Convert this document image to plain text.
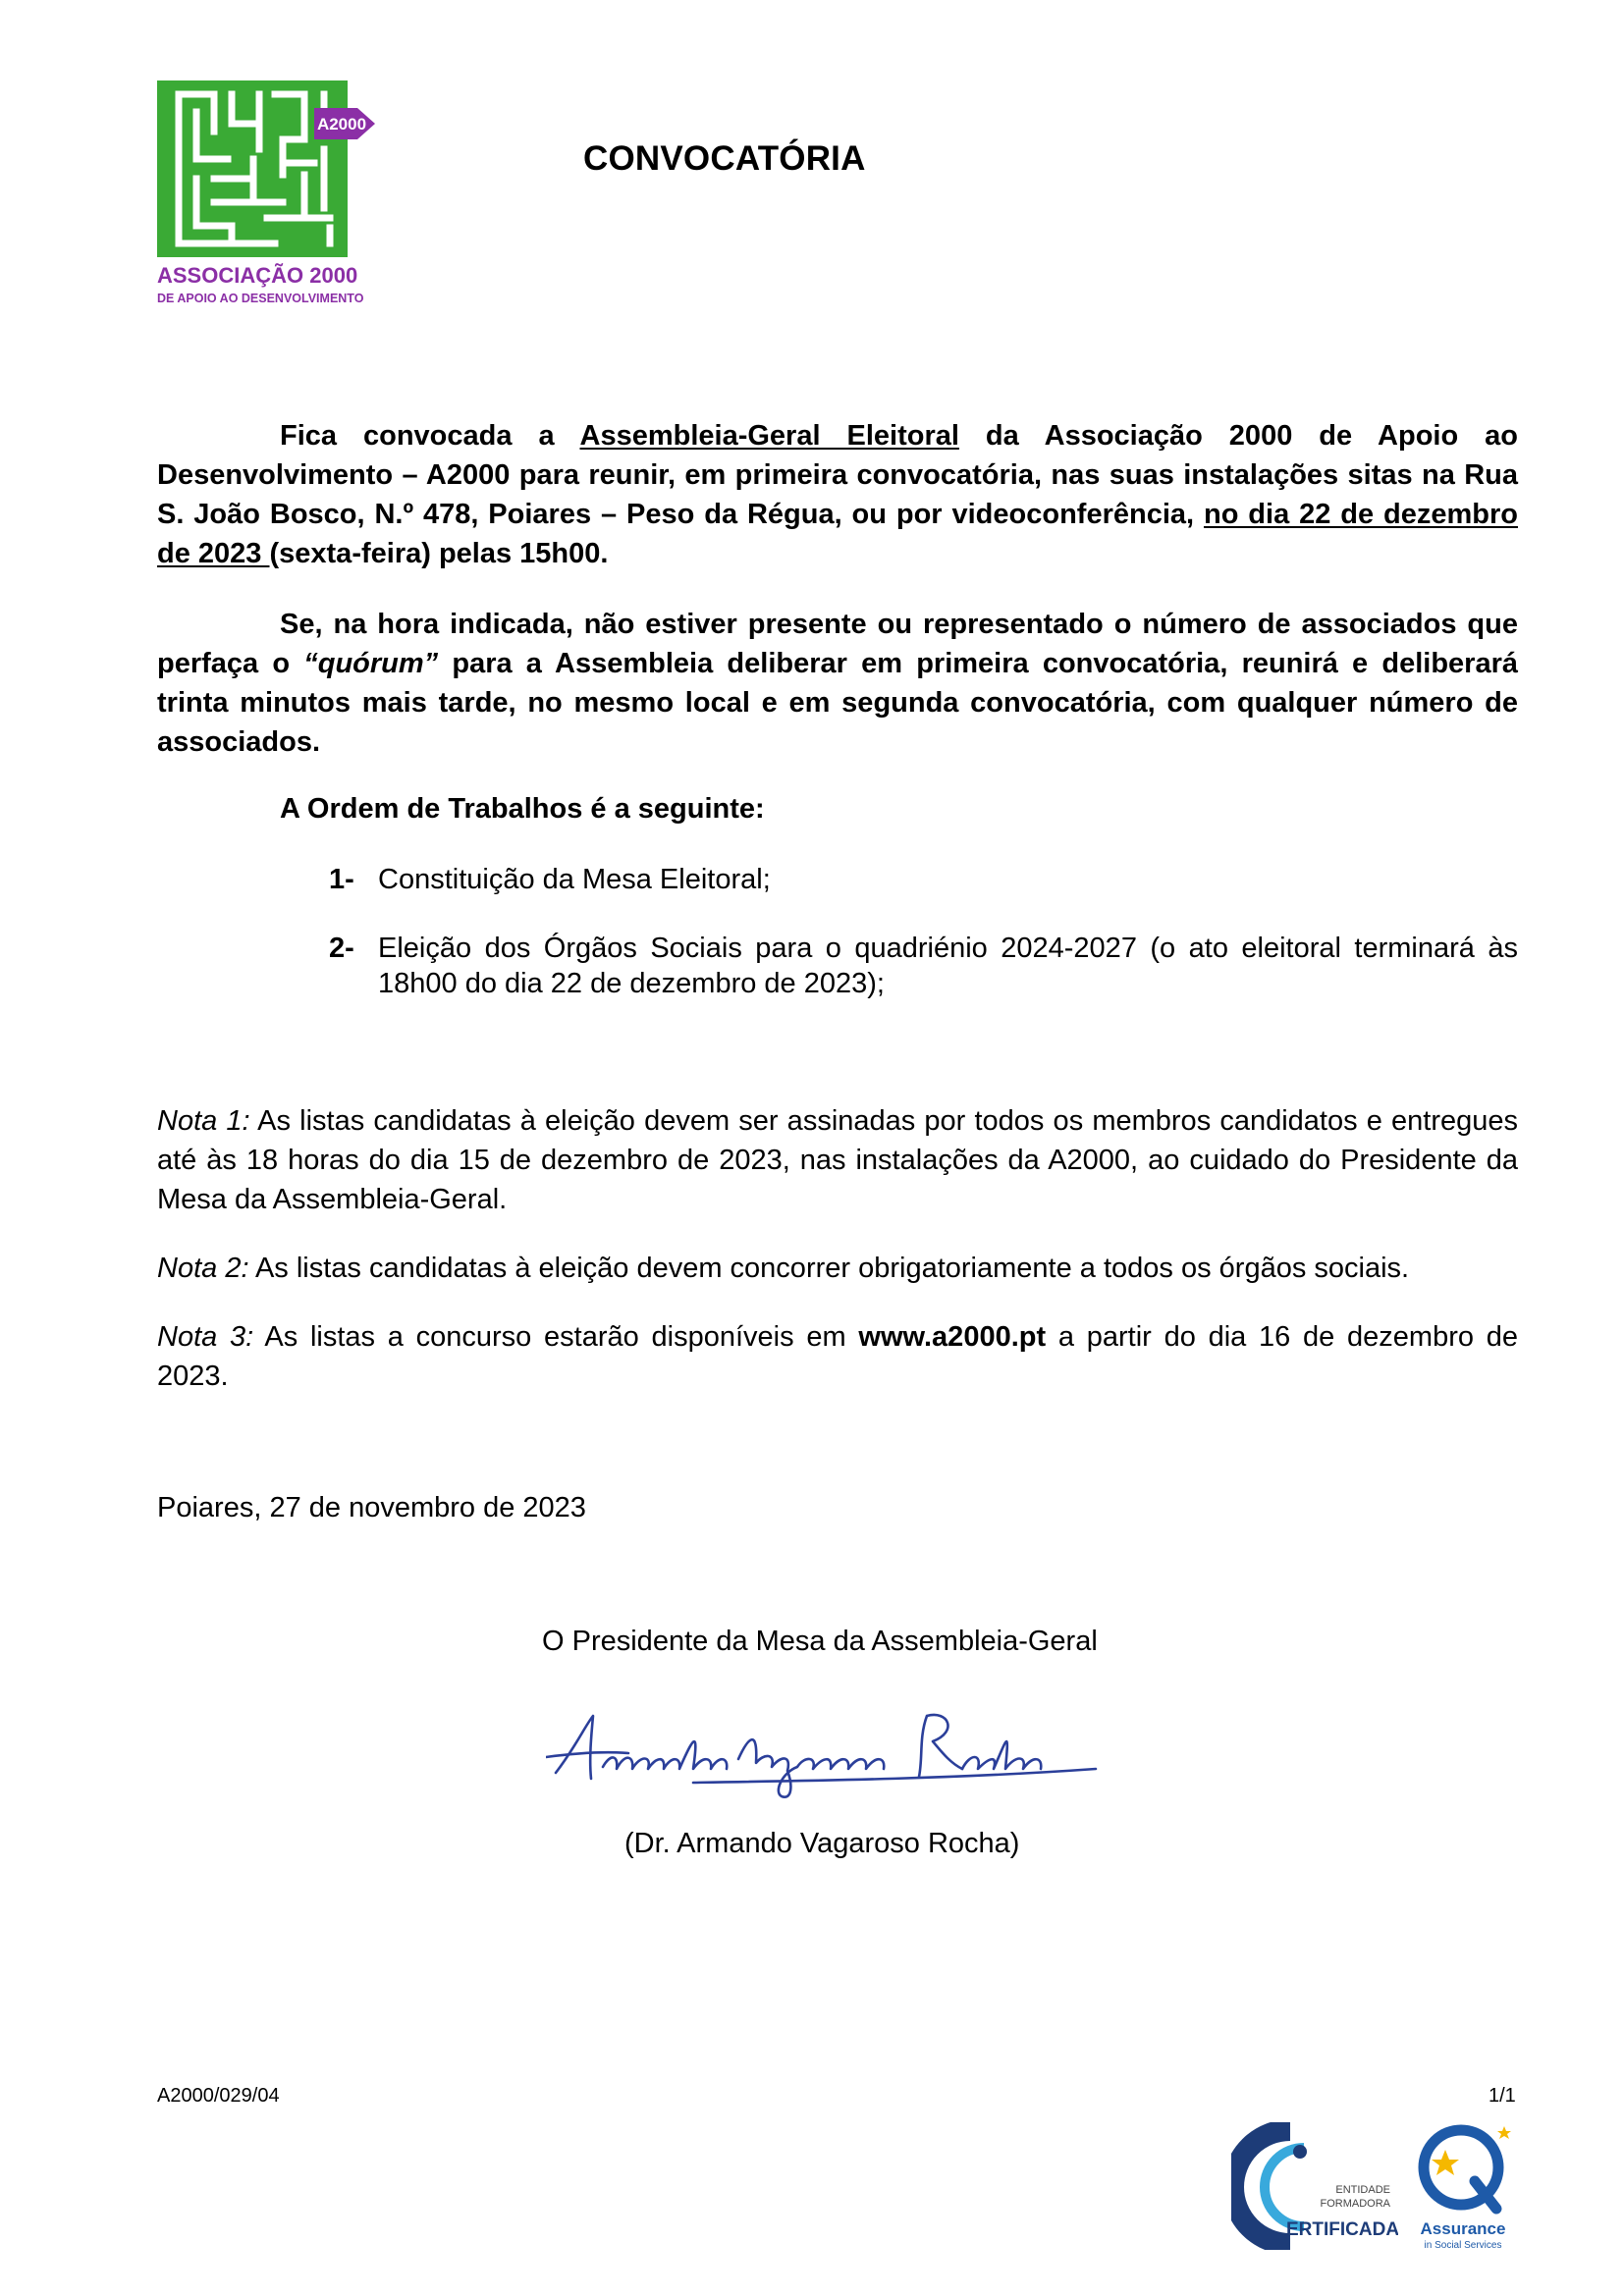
A2000
ASSOCIAÇÃO 2000
DE APOIO AO DESENVOLVIMENTO
CONVOCATÓRIA
Fica convocada a Assembleia-Geral Eleitoral da Associação 2000 de Apoio ao Desenvolvimento – A2000 para reunir, em primeira convocatória, nas suas instalações sitas na Rua S. João Bosco, N.º 478, Poiares – Peso da Régua, ou por videoconferência, no dia 22 de dezembro de 2023 (sexta-feira) pelas 15h00.
Se, na hora indicada, não estiver presente ou representado o número de associados que perfaça o “quórum” para a Assembleia deliberar em primeira convocatória, reunirá e deliberará trinta minutos mais tarde, no mesmo local e em segunda convocatória, com qualquer número de associados.
A Ordem de Trabalhos é a seguinte:
1- Constituição da Mesa Eleitoral;
2- Eleição dos Órgãos Sociais para o quadriénio 2024-2027 (o ato eleitoral terminará às 18h00 do dia 22 de dezembro de 2023);
Nota 1: As listas candidatas à eleição devem ser assinadas por todos os membros candidatos e entregues até às 18 horas do dia 15 de dezembro de 2023, nas instalações da A2000, ao cuidado do Presidente da Mesa da Assembleia-Geral.
Nota 2: As listas candidatas à eleição devem concorrer obrigatoriamente a todos os órgãos sociais.
Nota 3: As listas a concurso estarão disponíveis em www.a2000.pt a partir do dia 16 de dezembro de 2023.
Poiares, 27 de novembro de 2023
O Presidente da Mesa da Assembleia-Geral
Armando Vagaroso Rocha
(Dr. Armando Vagaroso Rocha)
A2000/029/04	1/1
DGERT	ENTIDADE
FORMADORA
ERTIFICADA
Q
Assurance
in Social Services
